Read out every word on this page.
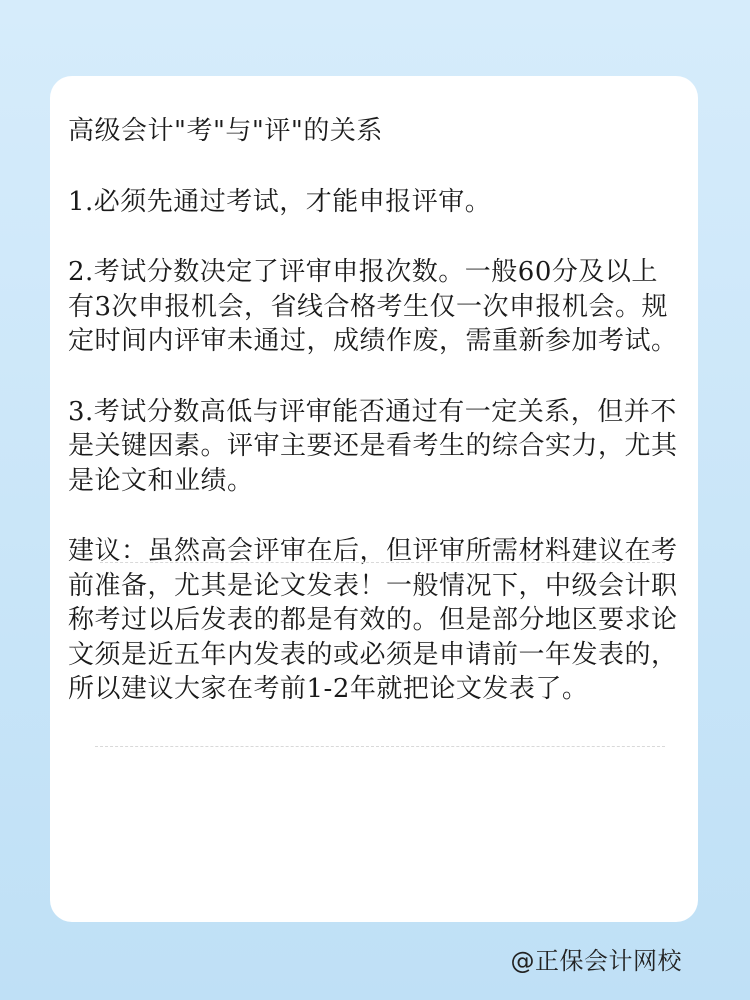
高级会计"考"与"评"的关系

1.必须先通过考试，才能申报评审。

2.考试分数决定了评审申报次数。一般60分及以上有3次申报机会，省线合格考生仅一次申报机会。规定时间内评审未通过，成绩作废，需重新参加考试。

3.考试分数高低与评审能否通过有一定关系，但并不是关键因素。评审主要还是看考生的综合实力，尤其是论文和业绩。

建议：虽然高会评审在后，但评审所需材料建议在考前准备，尤其是论文发表！一般情况下，中级会计职称考过以后发表的都是有效的。但是部分地区要求论文须是近五年内发表的或必须是申请前一年发表的，所以建议大家在考前1-2年就把论文发表了。

@正保会计网校
